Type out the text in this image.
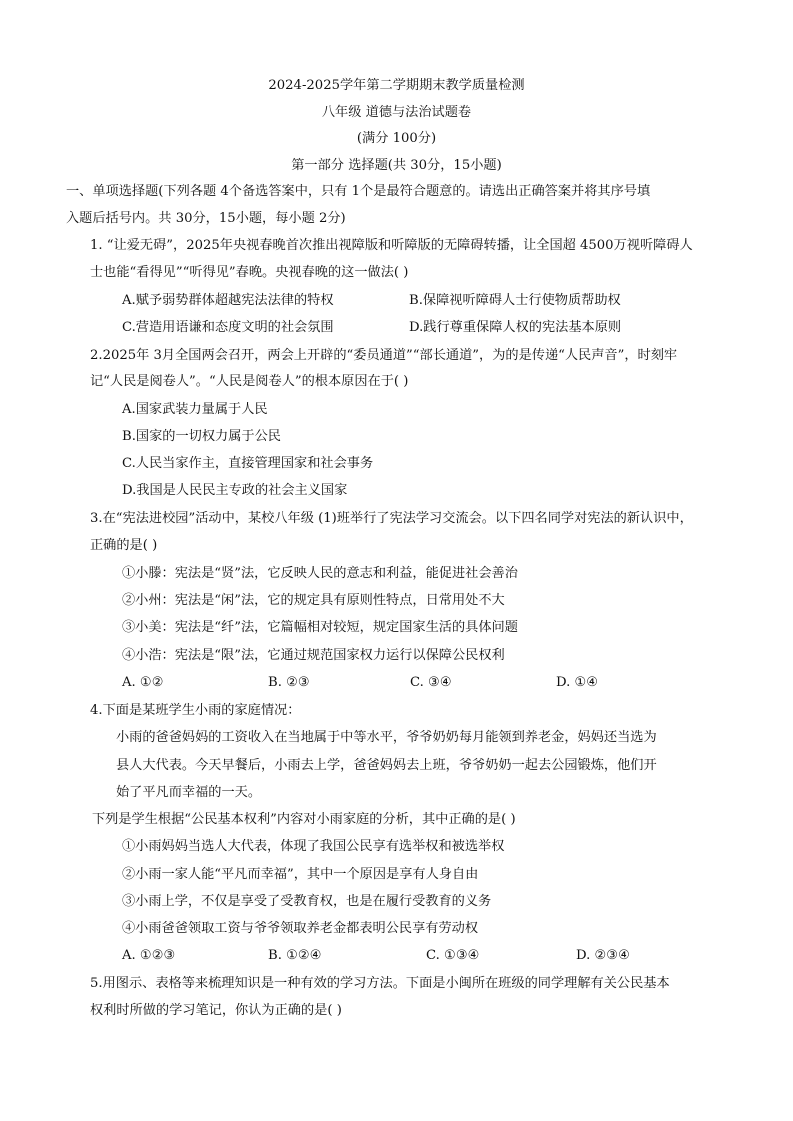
2024-2025学年第二学期期末教学质量检测
八年级 道德与法治试题卷
(满分 100分)
第一部分 选择题(共 30分，15小题)
一、单项选择题(下列各题 4个备选答案中，只有 1个是最符合题意的。请选出正确答案并将其序号填
入题后括号内。共 30分，15小题，每小题 2分)
1. “让爱无碍”，2025年央视春晚首次推出视障版和听障版的无障碍转播，让全国超 4500万视听障碍人
士也能“看得见”“听得见”春晚。央视春晚的这一做法( )
A.赋予弱势群体超越宪法法律的特权	B.保障视听障碍人士行使物质帮助权
C.营造用语谦和态度文明的社会氛围	D.践行尊重保障人权的宪法基本原则
2.2025年 3月全国两会召开，两会上开辟的“委员通道”“部长通道”，为的是传递“人民声音”，时刻牢
记“人民是阅卷人”。“人民是阅卷人”的根本原因在于( )
A.国家武装力量属于人民
B.国家的一切权力属于公民
C.人民当家作主，直接管理国家和社会事务
D.我国是人民民主专政的社会主义国家
3.在“宪法进校园”活动中，某校八年级 (1)班举行了宪法学习交流会。以下四名同学对宪法的新认识中，
正确的是( )
①小滕：宪法是“贤”法，它反映人民的意志和利益，能促进社会善治
②小州：宪法是“闲”法，它的规定具有原则性特点，日常用处不大
③小美：宪法是“纤”法，它篇幅相对较短，规定国家生活的具体问题
④小浩：宪法是“限”法，它通过规范国家权力运行以保障公民权利
A. ①②	B. ②③	C. ③④	D. ①④
4.下面是某班学生小雨的家庭情况：
小雨的爸爸妈妈的工资收入在当地属于中等水平，爷爷奶奶每月能领到养老金，妈妈还当选为
县人大代表。今天早餐后，小雨去上学，爸爸妈妈去上班，爷爷奶奶一起去公园锻炼，他们开
始了平凡而幸福的一天。
下列是学生根据“公民基本权利”内容对小雨家庭的分析，其中正确的是( )
①小雨妈妈当选人大代表，体现了我国公民享有选举权和被选举权
②小雨一家人能“平凡而幸福”，其中一个原因是享有人身自由
③小雨上学，不仅是享受了受教育权，也是在履行受教育的义务
④小雨爸爸领取工资与爷爷领取养老金都表明公民享有劳动权
A. ①②③	B. ①②④	C. ①③④	D. ②③④
5.用图示、表格等来梳理知识是一种有效的学习方法。下面是小闽所在班级的同学理解有关公民基本
权利时所做的学习笔记，你认为正确的是( )
